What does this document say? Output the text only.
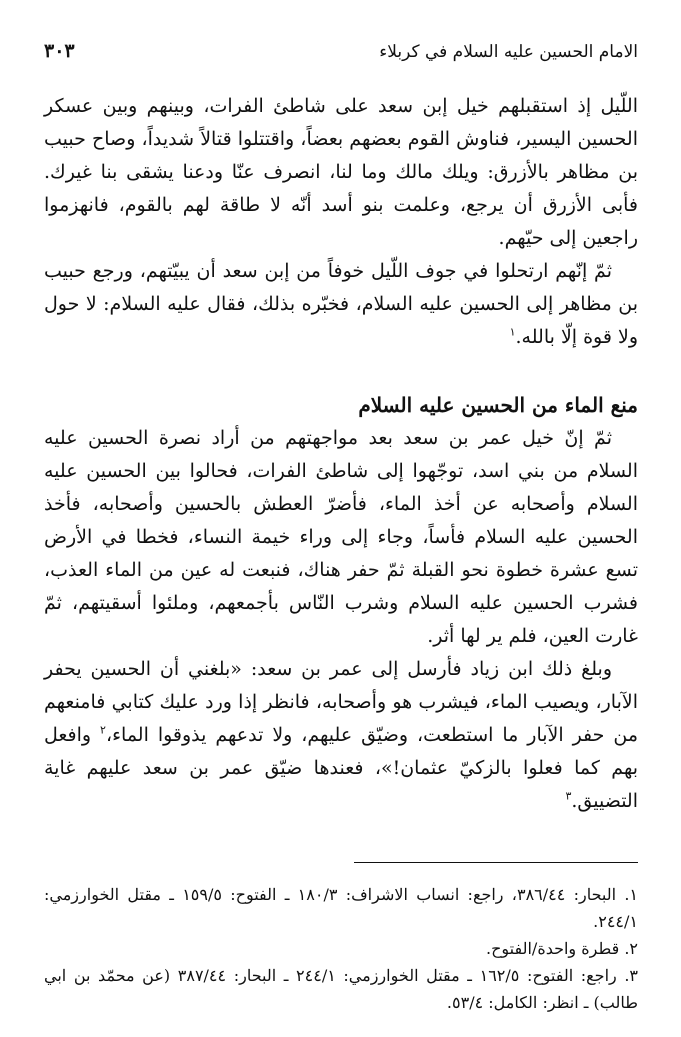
الامام الحسين عليه السلام في كربلاء
٣٠٣

اللّيل إذ استقبلهم خيل إبن سعد على شاطئ الفرات، وبينهم وبين عسكر الحسين اليسير، فناوش القوم بعضهم بعضاً، واقتتلوا قتالاً شديداً، وصاح حبيب بن مظاهر بالأزرق: ويلك مالك وما لنا، انصرف عنّا ودعنا يشقى بنا غيرك. فأبى الأزرق أن يرجع، وعلمت بنو أسد أنّه لا طاقة لهم بالقوم، فانهزموا راجعين إلى حيّهم.

ثمّ إنّهم ارتحلوا في جوف اللّيل خوفاً من إبن سعد أن يبيّتهم، ورجع حبيب بن مظاهر إلى الحسين عليه السلام، فخبّره بذلك، فقال عليه السلام: لا حول ولا قوة إلّا بالله.$^١$

منع الماء من الحسين عليه السلام

ثمّ إنّ خيل عمر بن سعد بعد مواجهتهم من أراد نصرة الحسين عليه السلام من بني اسد، توجّهوا إلى شاطئ الفرات، فحالوا بين الحسين عليه السلام وأصحابه عن أخذ الماء، فأضرّ العطش بالحسين وأصحابه، فأخذ الحسين عليه السلام فأساً، وجاء إلى وراء خيمة النساء، فخطا في الأرض تسع عشرة خطوة نحو القبلة ثمّ حفر هناك، فنبعت له عين من الماء العذب، فشرب الحسين عليه السلام وشرب النّاس بأجمعهم، وملئوا أسقيتهم، ثمّ غارت العين، فلم ير لها أثر.

وبلغ ذلك ابن زياد فأرسل إلى عمر بن سعد: «بلغني أن الحسين يحفر الآبار، ويصيب الماء، فيشرب هو وأصحابه، فانظر إذا ورد عليك كتابي فامنعهم من حفر الآبار ما استطعت، وضيّق عليهم، ولا تدعهم يذوقوا الماء،$^٢$ وافعل بهم كما فعلوا بالزكيّ عثمان!»، فعندها ضيّق عمر بن سعد عليهم غاية التضييق.$^٣$

١. البحار: ٣٨٦/٤٤، راجع: انساب الاشراف: ١٨٠/٣ ـ الفتوح: ١٥٩/٥ ـ مقتل الخوارزمي: ٢٤٤/١.

٢. قطرة واحدة/الفتوح.

٣. راجع: الفتوح: ١٦٢/٥ ـ مقتل الخوارزمي: ٢٤٤/١ ـ البحار: ٣٨٧/٤٤ (عن محمّد بن ابي طالب) ـ انظر: الكامل: ٥٣/٤.
